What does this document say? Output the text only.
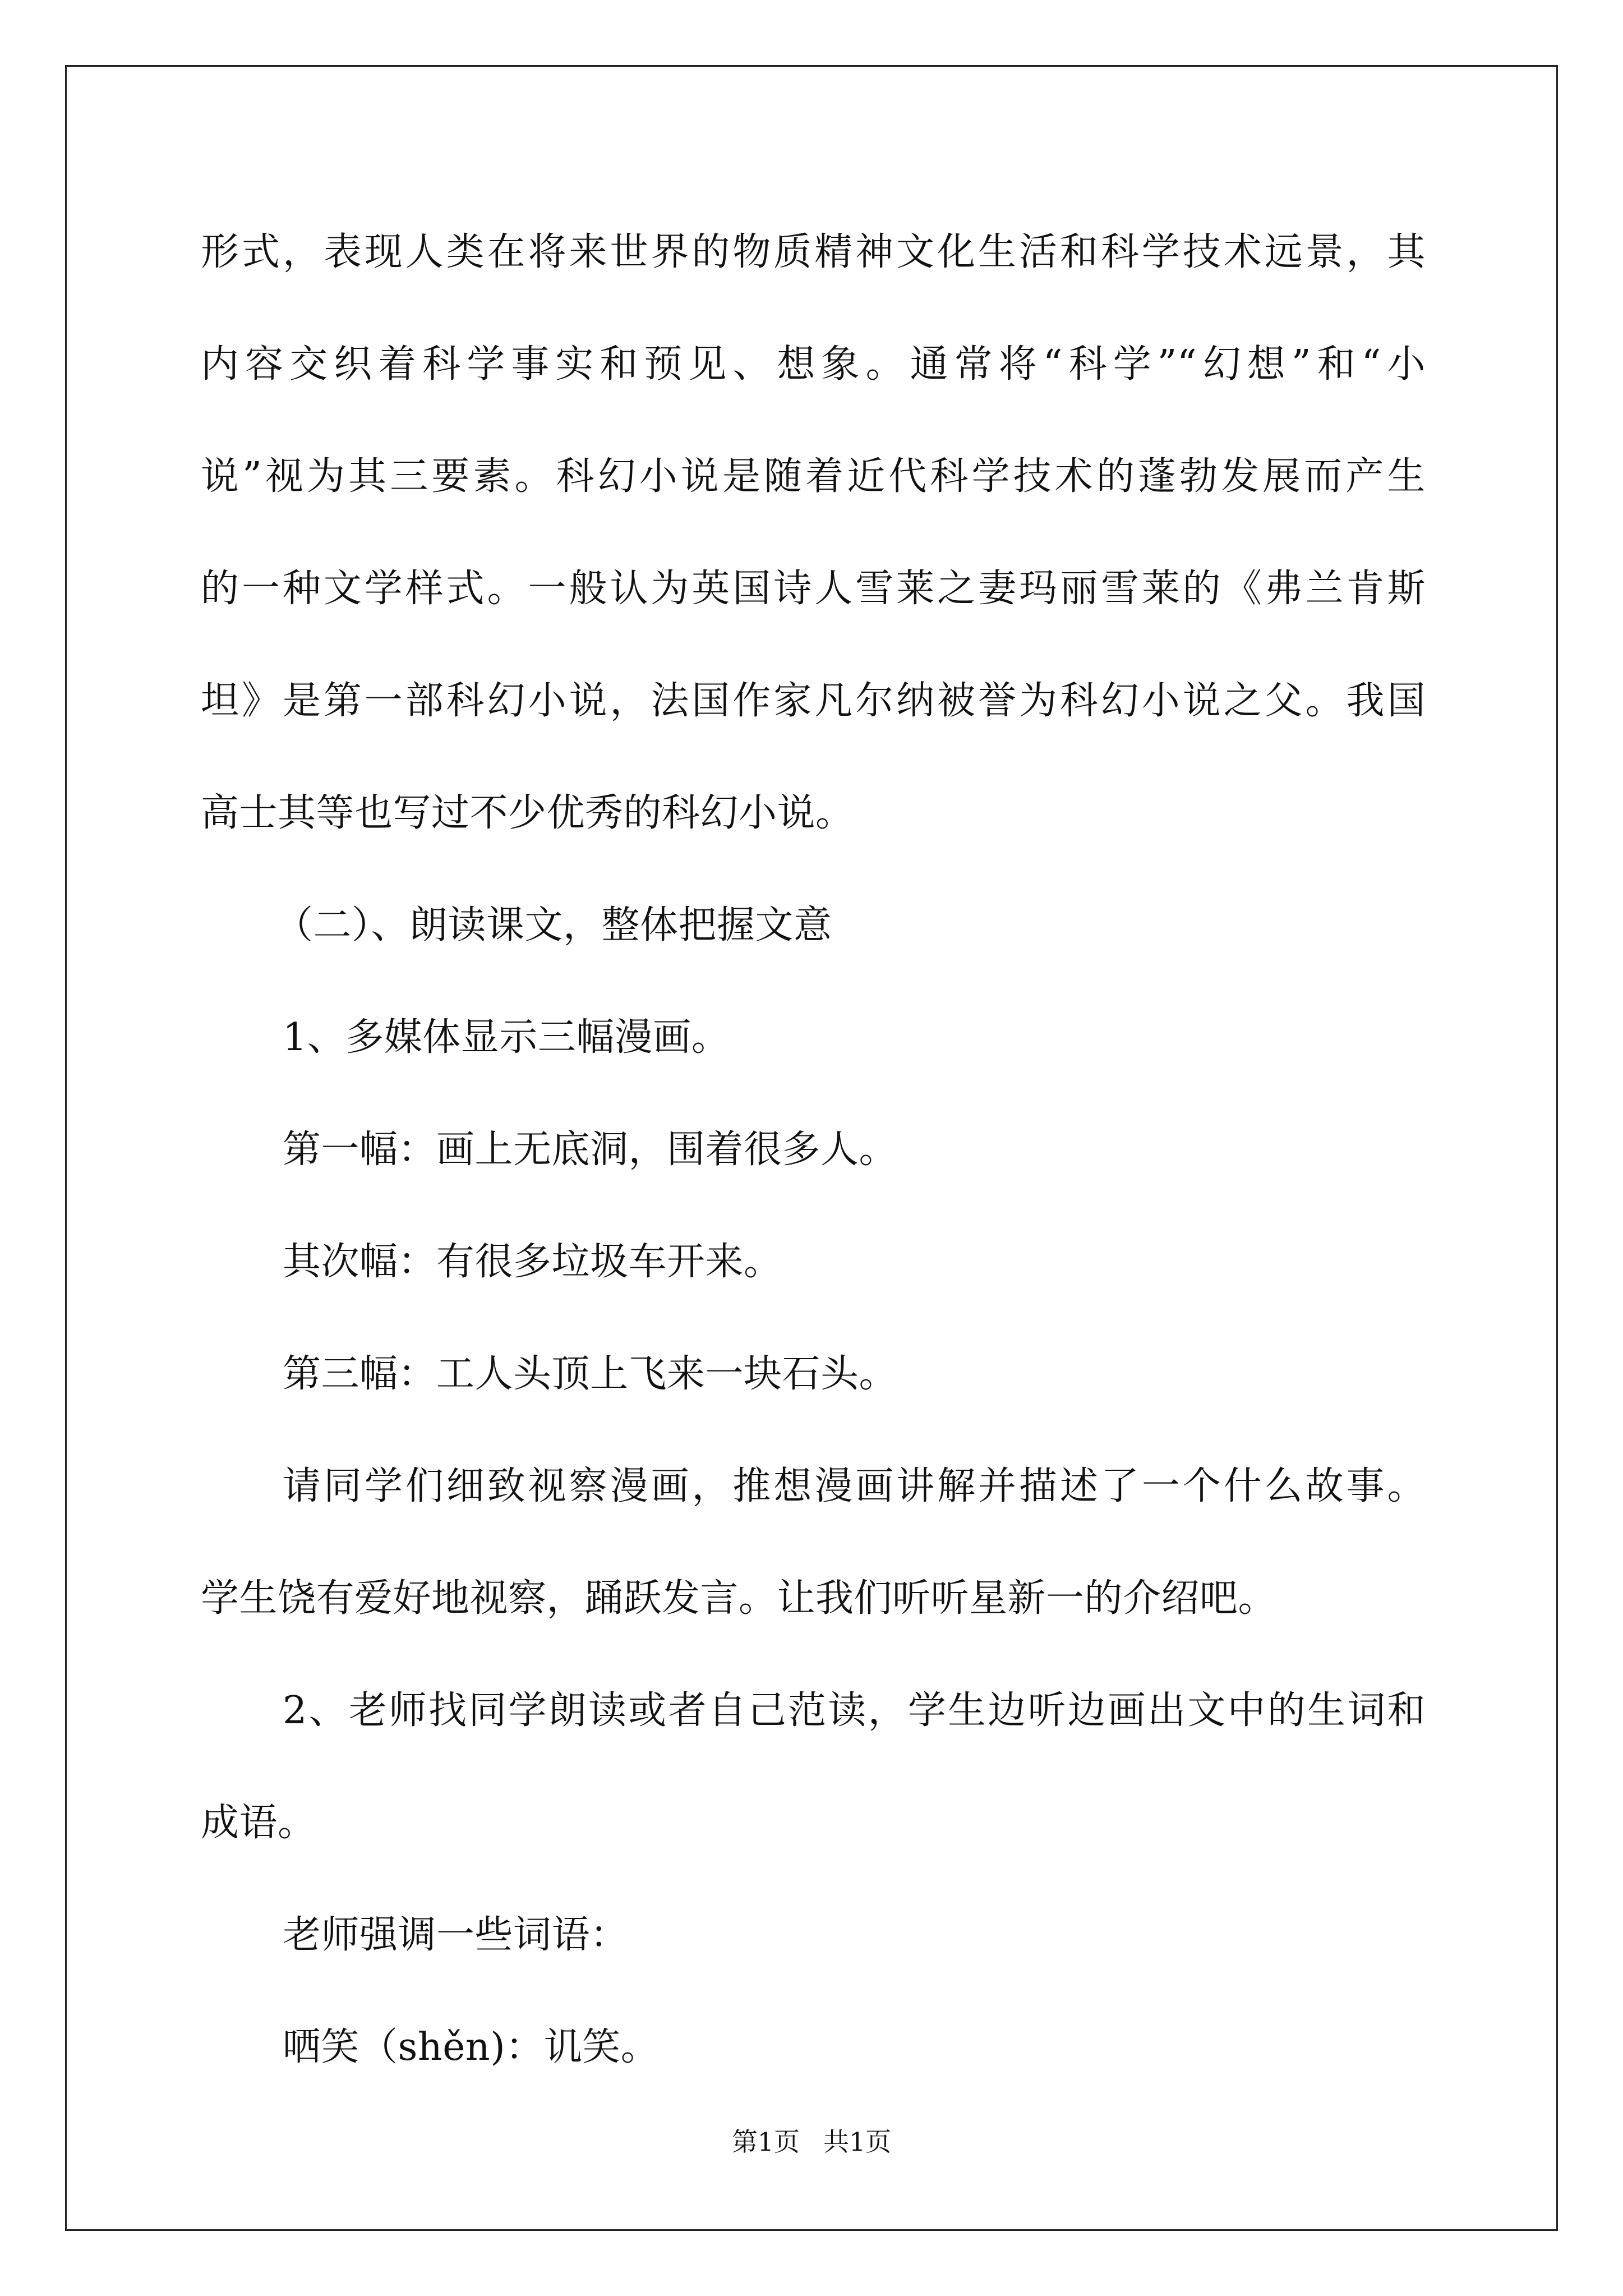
形式，表现人类在将来世界的物质精神文化生活和科学技术远景，其
内容交织着科学事实和预见、想象。通常将“科学”“幻想”和“小
说”视为其三要素。科幻小说是随着近代科学技术的蓬勃发展而产生
的一种文学样式。一般认为英国诗人雪莱之妻玛丽雪莱的《弗兰肯斯
坦》是第一部科幻小说，法国作家凡尔纳被誉为科幻小说之父。我国
高士其等也写过不少优秀的科幻小说。
（二）、朗读课文，整体把握文意
1、多媒体显示三幅漫画。
第一幅：画上无底洞，围着很多人。
其次幅：有很多垃圾车开来。
第三幅：工人头顶上飞来一块石头。
请同学们细致视察漫画，推想漫画讲解并描述了一个什么故事。
学生饶有爱好地视察，踊跃发言。让我们听听星新一的介绍吧。
2、老师找同学朗读或者自己范读，学生边听边画出文中的生词和
成语。
老师强调一些词语：
哂笑（shěn)：讥笑。
第1页 共1页
